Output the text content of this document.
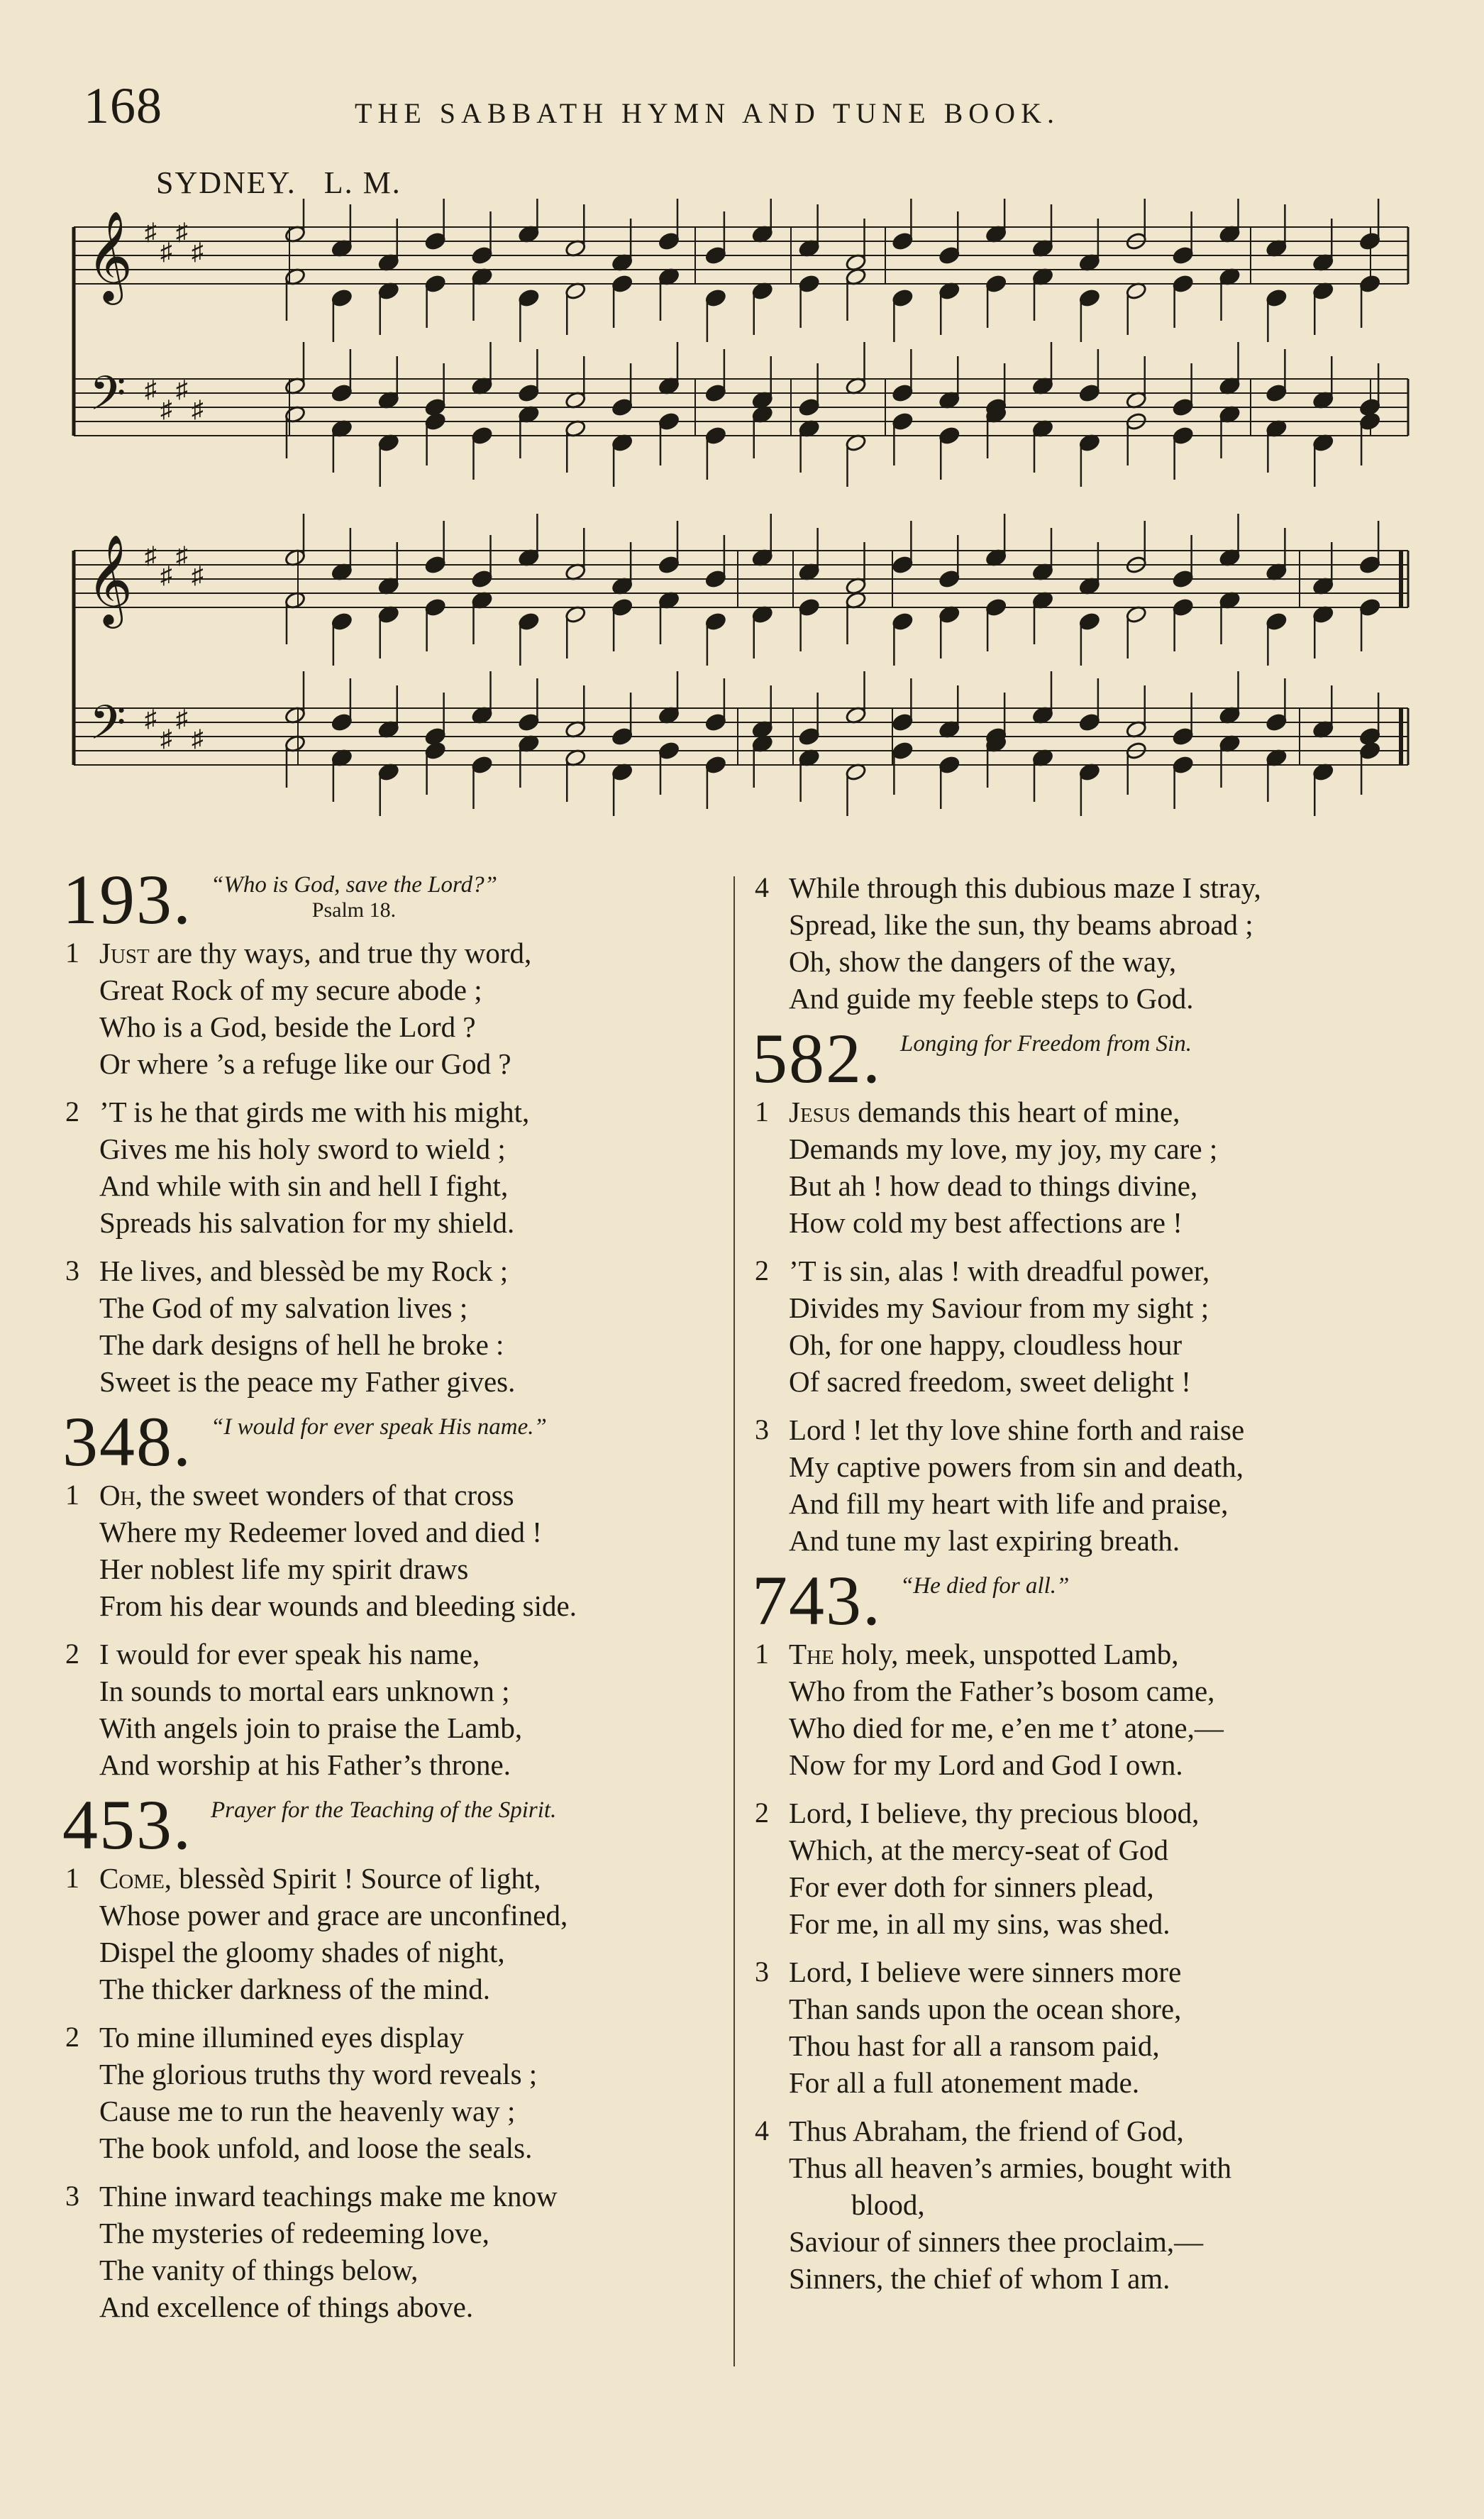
168	THE SABBATH HYMN AND TUNE BOOK.
SYDNEY. L. M.
𝄞
𝄢
♯
♯
♯
♯
♯
♯
♯
♯
𝄞
𝄢
♯
♯
♯
♯
♯
♯
♯
♯
193. “Who is God, save the Lord?”
Psalm 18.
1 Just are thy ways, and true thy word,
Great Rock of my secure abode ;
Who is a God, beside the Lord ?
Or where ’s a refuge like our God ?
2 ’T is he that girds me with his might,
Gives me his holy sword to wield ;
And while with sin and hell I fight,
Spreads his salvation for my shield.
3 He lives, and blessèd be my Rock ;
The God of my salvation lives ;
The dark designs of hell he broke :
Sweet is the peace my Father gives.
348. “I would for ever speak His name.”
1 Oh, the sweet wonders of that cross
Where my Redeemer loved and died !
Her noblest life my spirit draws
From his dear wounds and bleeding side.
2 I would for ever speak his name,
In sounds to mortal ears unknown ;
With angels join to praise the Lamb,
And worship at his Father’s throne.
453. Prayer for the Teaching of the Spirit.
1 Come, blessèd Spirit ! Source of light,
Whose power and grace are unconfined,
Dispel the gloomy shades of night,
The thicker darkness of the mind.
2 To mine illumined eyes display
The glorious truths thy word reveals ;
Cause me to run the heavenly way ;
The book unfold, and loose the seals.
3 Thine inward teachings make me know
The mysteries of redeeming love,
The vanity of things below,
And excellence of things above.
4 While through this dubious maze I stray,
Spread, like the sun, thy beams abroad ;
Oh, show the dangers of the way,
And guide my feeble steps to God.
582. Longing for Freedom from Sin.
1 Jesus demands this heart of mine,
Demands my love, my joy, my care ;
But ah ! how dead to things divine,
How cold my best affections are !
2 ’T is sin, alas ! with dreadful power,
Divides my Saviour from my sight ;
Oh, for one happy, cloudless hour
Of sacred freedom, sweet delight !
3 Lord ! let thy love shine forth and raise
My captive powers from sin and death,
And fill my heart with life and praise,
And tune my last expiring breath.
743. “He died for all.”
1 The holy, meek, unspotted Lamb,
Who from the Father’s bosom came,
Who died for me, e’en me t’ atone,—
Now for my Lord and God I own.
2 Lord, I believe, thy precious blood,
Which, at the mercy-seat of God
For ever doth for sinners plead,
For me, in all my sins, was shed.
3 Lord, I believe were sinners more
Than sands upon the ocean shore,
Thou hast for all a ransom paid,
For all a full atonement made.
4 Thus Abraham, the friend of God,
Thus all heaven’s armies, bought with
blood,
Saviour of sinners thee proclaim,—
Sinners, the chief of whom I am.
